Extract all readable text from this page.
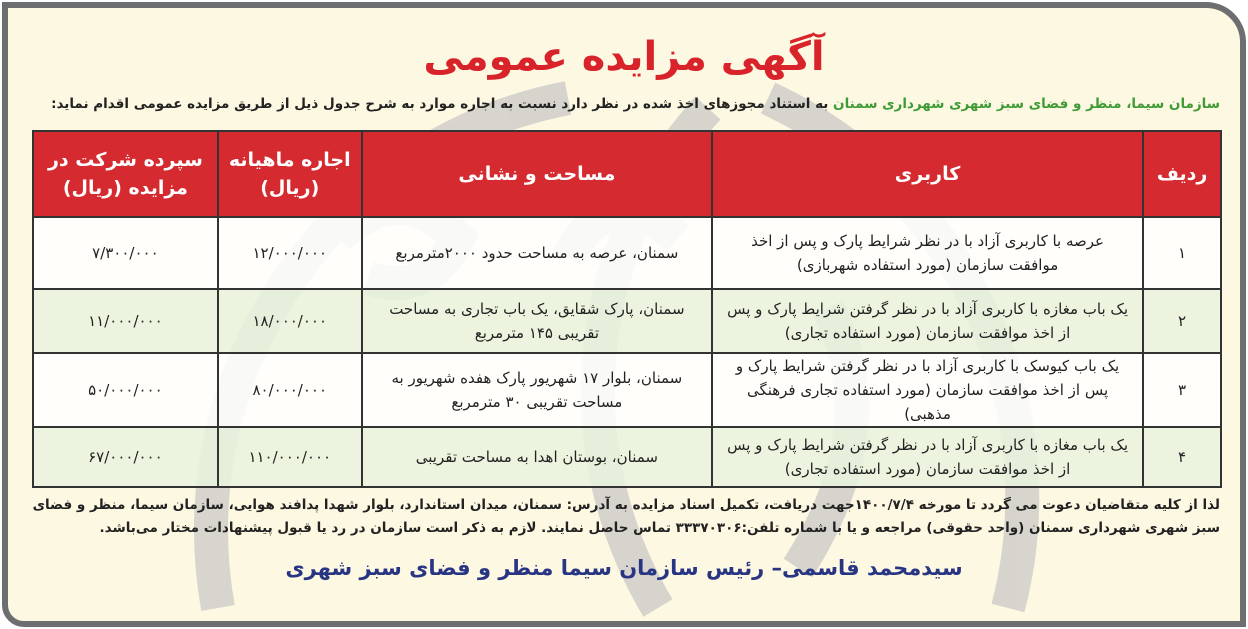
آگهی مزایده عمومی
سازمان سیما، منظر و فضای سبز شهری شهرداری سمنان به استناد مجوزهای اخذ شده در نظر دارد نسبت به اجاره موارد به شرح جدول ذیل از طریق مزایده عمومی اقدام نماید:
ردیف	کاربری	مساحت و نشانی	اجاره ماهیانه (ریال)	سپرده شرکت در مزایده (ریال)
۱	عرصه با کاربری آزاد با در نظر شرایط پارک و پس از اخذ موافقت سازمان (مورد استفاده شهربازی)	سمنان، عرصه به مساحت حدود ۲۰۰۰مترمربع	۱۲/۰۰۰/۰۰۰	۷/۳۰۰/۰۰۰
۲	یک باب مغازه با کاربری آزاد با در نظر گرفتن شرایط پارک و پس از اخذ موافقت سازمان (مورد استفاده تجاری)	سمنان، پارک شقایق، یک باب تجاری به مساحت تقریبی ۱۴۵ مترمربع	۱۸/۰۰۰/۰۰۰	۱۱/۰۰۰/۰۰۰
۳	یک باب کیوسک با کاربری آزاد با در نظر گرفتن شرایط پارک و پس از اخذ موافقت سازمان (مورد استفاده تجاری فرهنگی مذهبی)	سمنان، بلوار ۱۷ شهریور پارک هفده شهریور به مساحت تقریبی ۳۰ مترمربع	۸۰/۰۰۰/۰۰۰	۵۰/۰۰۰/۰۰۰
۴	یک باب مغازه با کاربری آزاد با در نظر گرفتن شرایط پارک و پس از اخذ موافقت سازمان (مورد استفاده تجاری)	سمنان، بوستان اهدا به مساحت تقریبی	۱۱۰/۰۰۰/۰۰۰	۶۷/۰۰۰/۰۰۰
لذا از کلیه متقاضیان دعوت می گردد تا مورخه ۱۴۰۰/۷/۴جهت دریافت، تکمیل اسناد مزایده به آدرس: سمنان، میدان استاندارد، بلوار شهدا پدافند هوایی، سازمان سیما، منظر و فضای سبز شهری شهرداری سمنان (واحد حقوقی) مراجعه و یا با شماره تلفن:۳۳۳۷۰۳۰۶ تماس حاصل نمایند. لازم به ذکر است سازمان در رد یا قبول پیشنهادات مختار می‌باشد.
سیدمحمد قاسمی– رئیس سازمان سیما منظر و فضای سبز شهری
